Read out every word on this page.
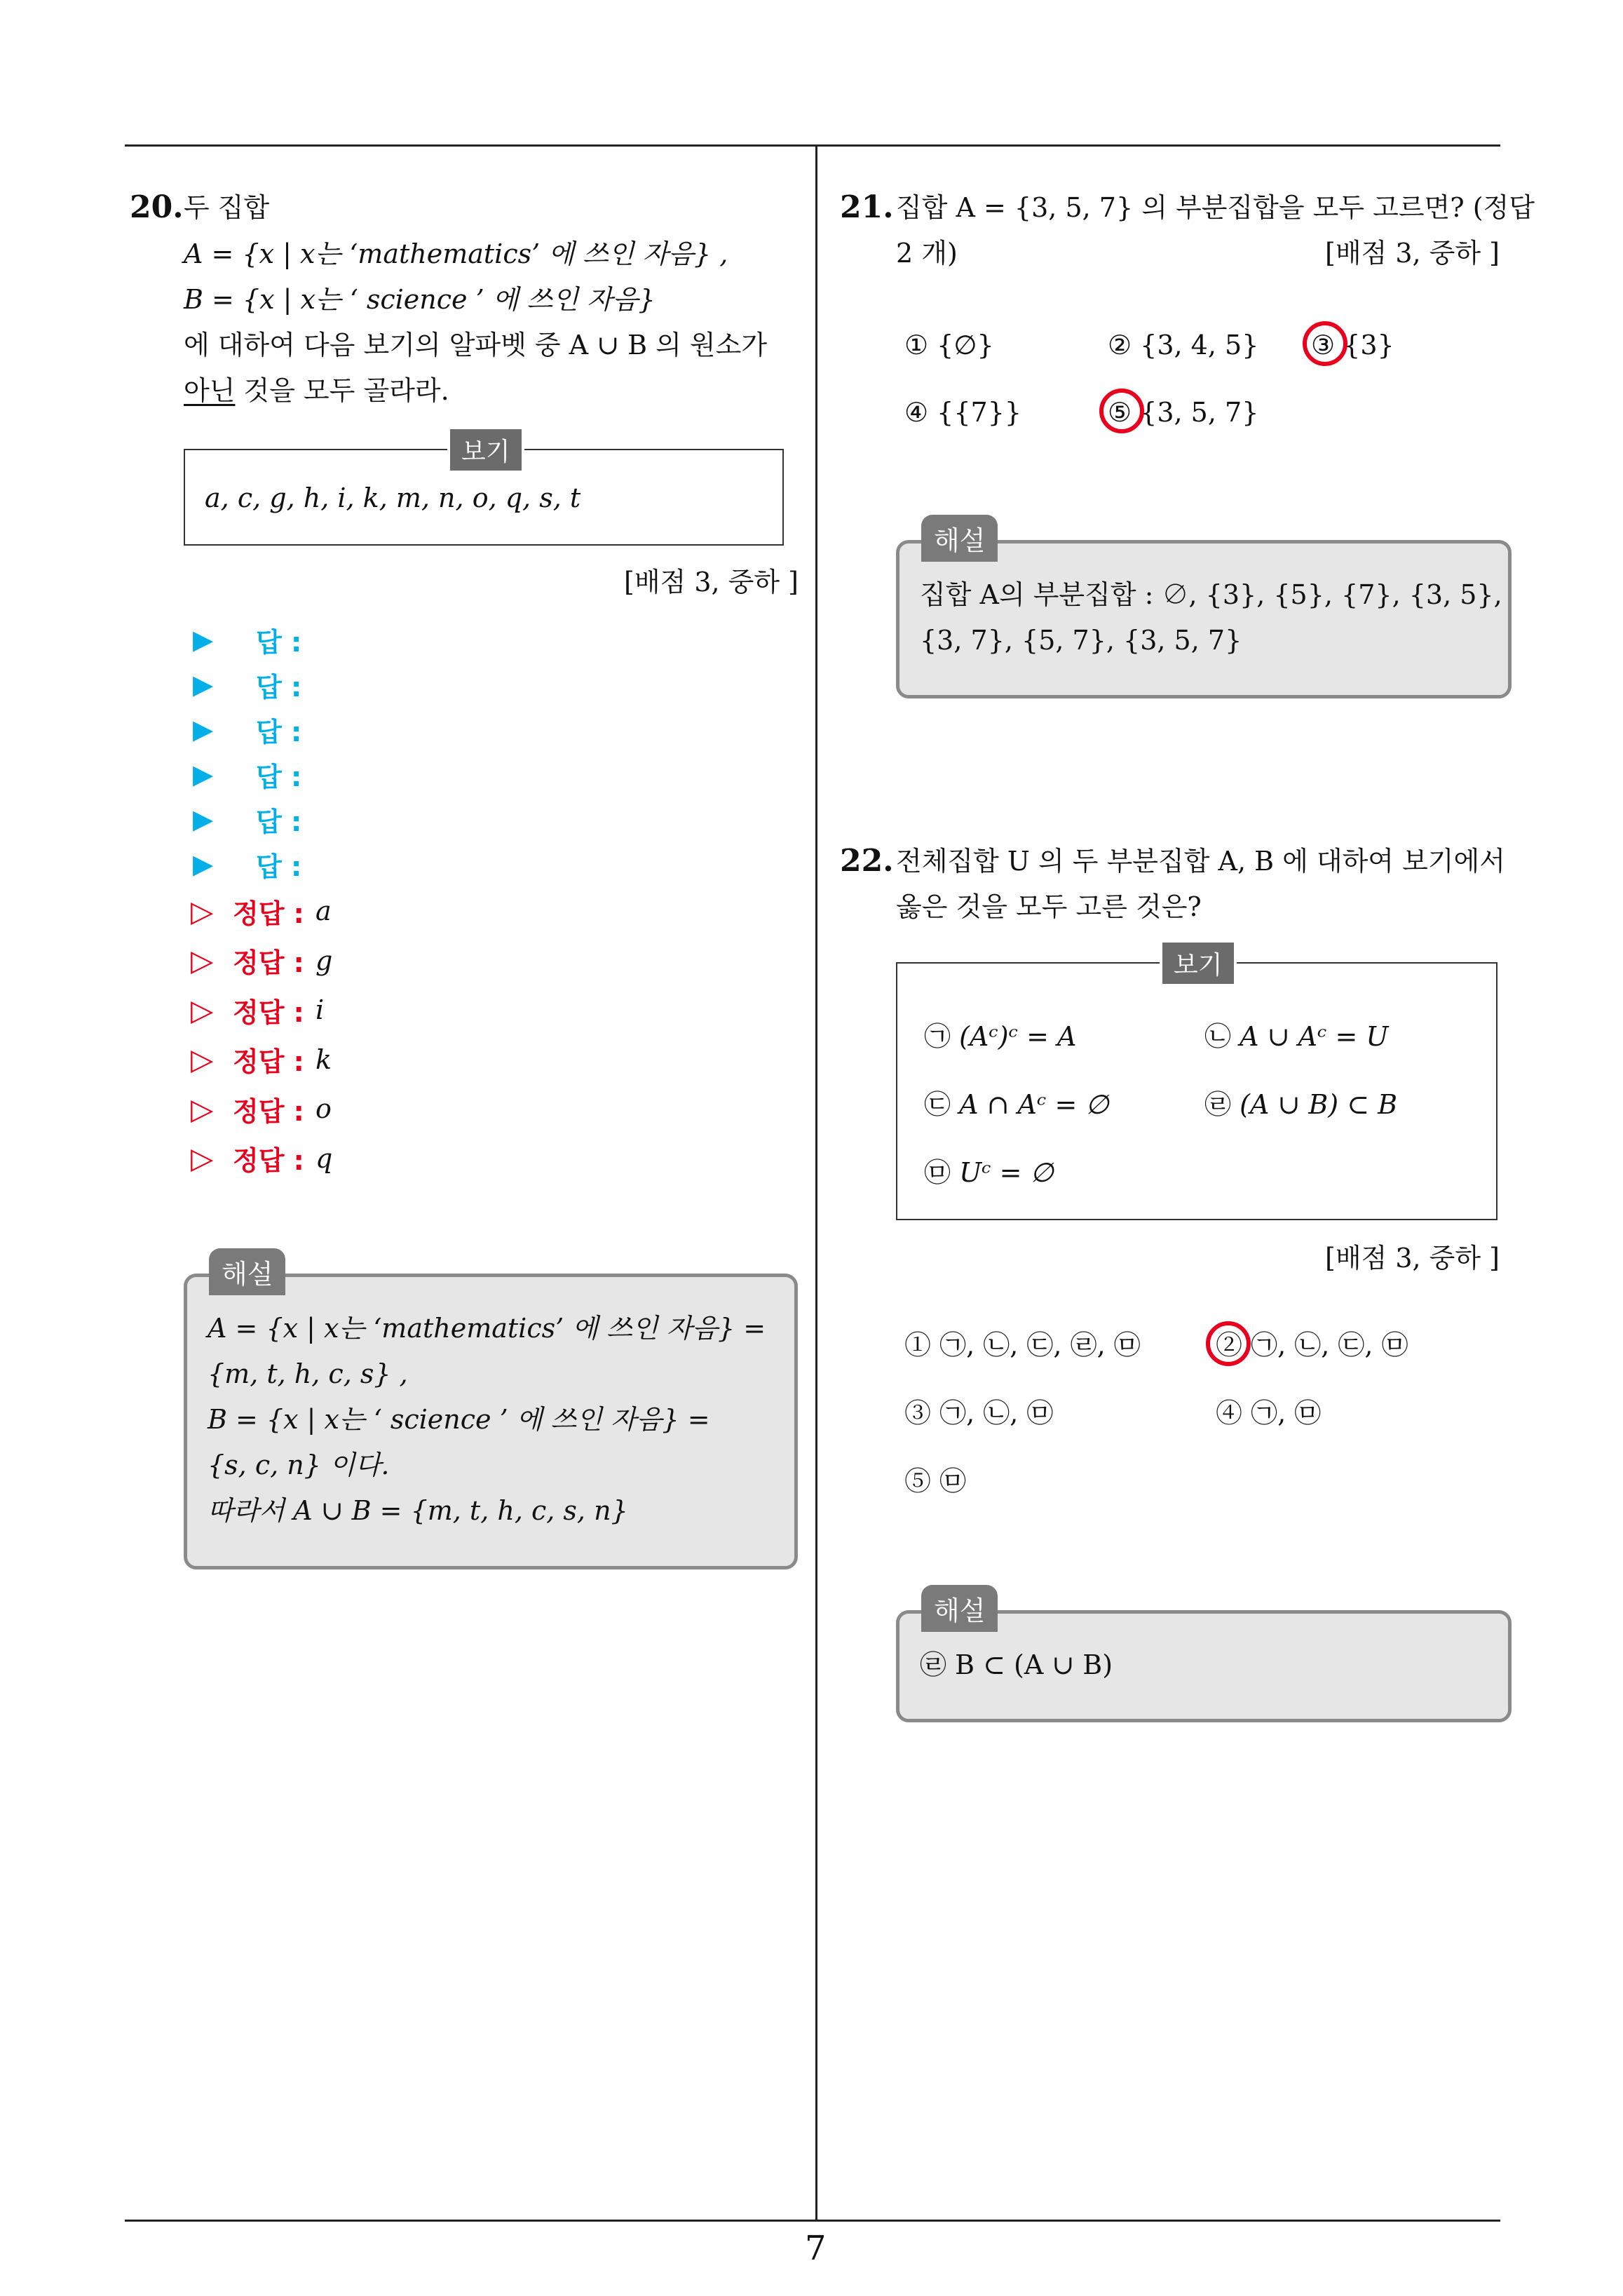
7
20. 두 집합
A = {x | x는 ‘mathematics’ 에 쓰인 자음} ,
B = {x | x는 ‘ science ’ 에 쓰인 자음}
에 대하여 다음 보기의 알파벳 중 A ∪ B 의 원소가
아닌 것을 모두 골라라.
보기
a, c, g, h, i, k, m, n, o, q, s, t
[배점 3, 중하 ]
▶	답 :
▶	답 :
▶	답 :
▶	답 :
▶	답 :
▶	답 :
▷ 정답 : a
▷ 정답 : g
▷ 정답 : i
▷ 정답 : k
▷ 정답 : o
▷ 정답 : q
해설
A = {x | x는 ‘mathematics’ 에 쓰인 자음} =
{m, t, h, c, s} ,
B = {x | x는 ‘ science ’ 에 쓰인 자음} =
{s, c, n} 이다.
따라서 A ∪ B = {m, t, h, c, s, n}
21. 집합 A = {3, 5, 7} 의 부분집합을 모두 고르면? (정답
2 개)	[배점 3, 중하 ]
① {∅}	② {3, 4, 5} ③ {3}
④ {{7}}	⑤ {3, 5, 7}
해설
집합 A의 부분집합 : ∅, {3}, {5}, {7}, {3, 5},
{3, 7}, {5, 7}, {3, 5, 7}
22. 전체집합 U 의 두 부분집합 A, B 에 대하여 보기에서
옳은 것을 모두 고른 것은?
보기
㉠ (Aᶜ)ᶜ = A	㉡ A ∪ Aᶜ = U
㉢ A ∩ Aᶜ = ∅	㉣ (A ∪ B) ⊂ B
㉤ Uᶜ = ∅
[배점 3, 중하 ]
① ㉠, ㉡, ㉢, ㉣, ㉤	② ㉠, ㉡, ㉢, ㉤
③ ㉠, ㉡, ㉤	④ ㉠, ㉤
⑤ ㉤
해설
㉣ B ⊂ (A ∪ B)
